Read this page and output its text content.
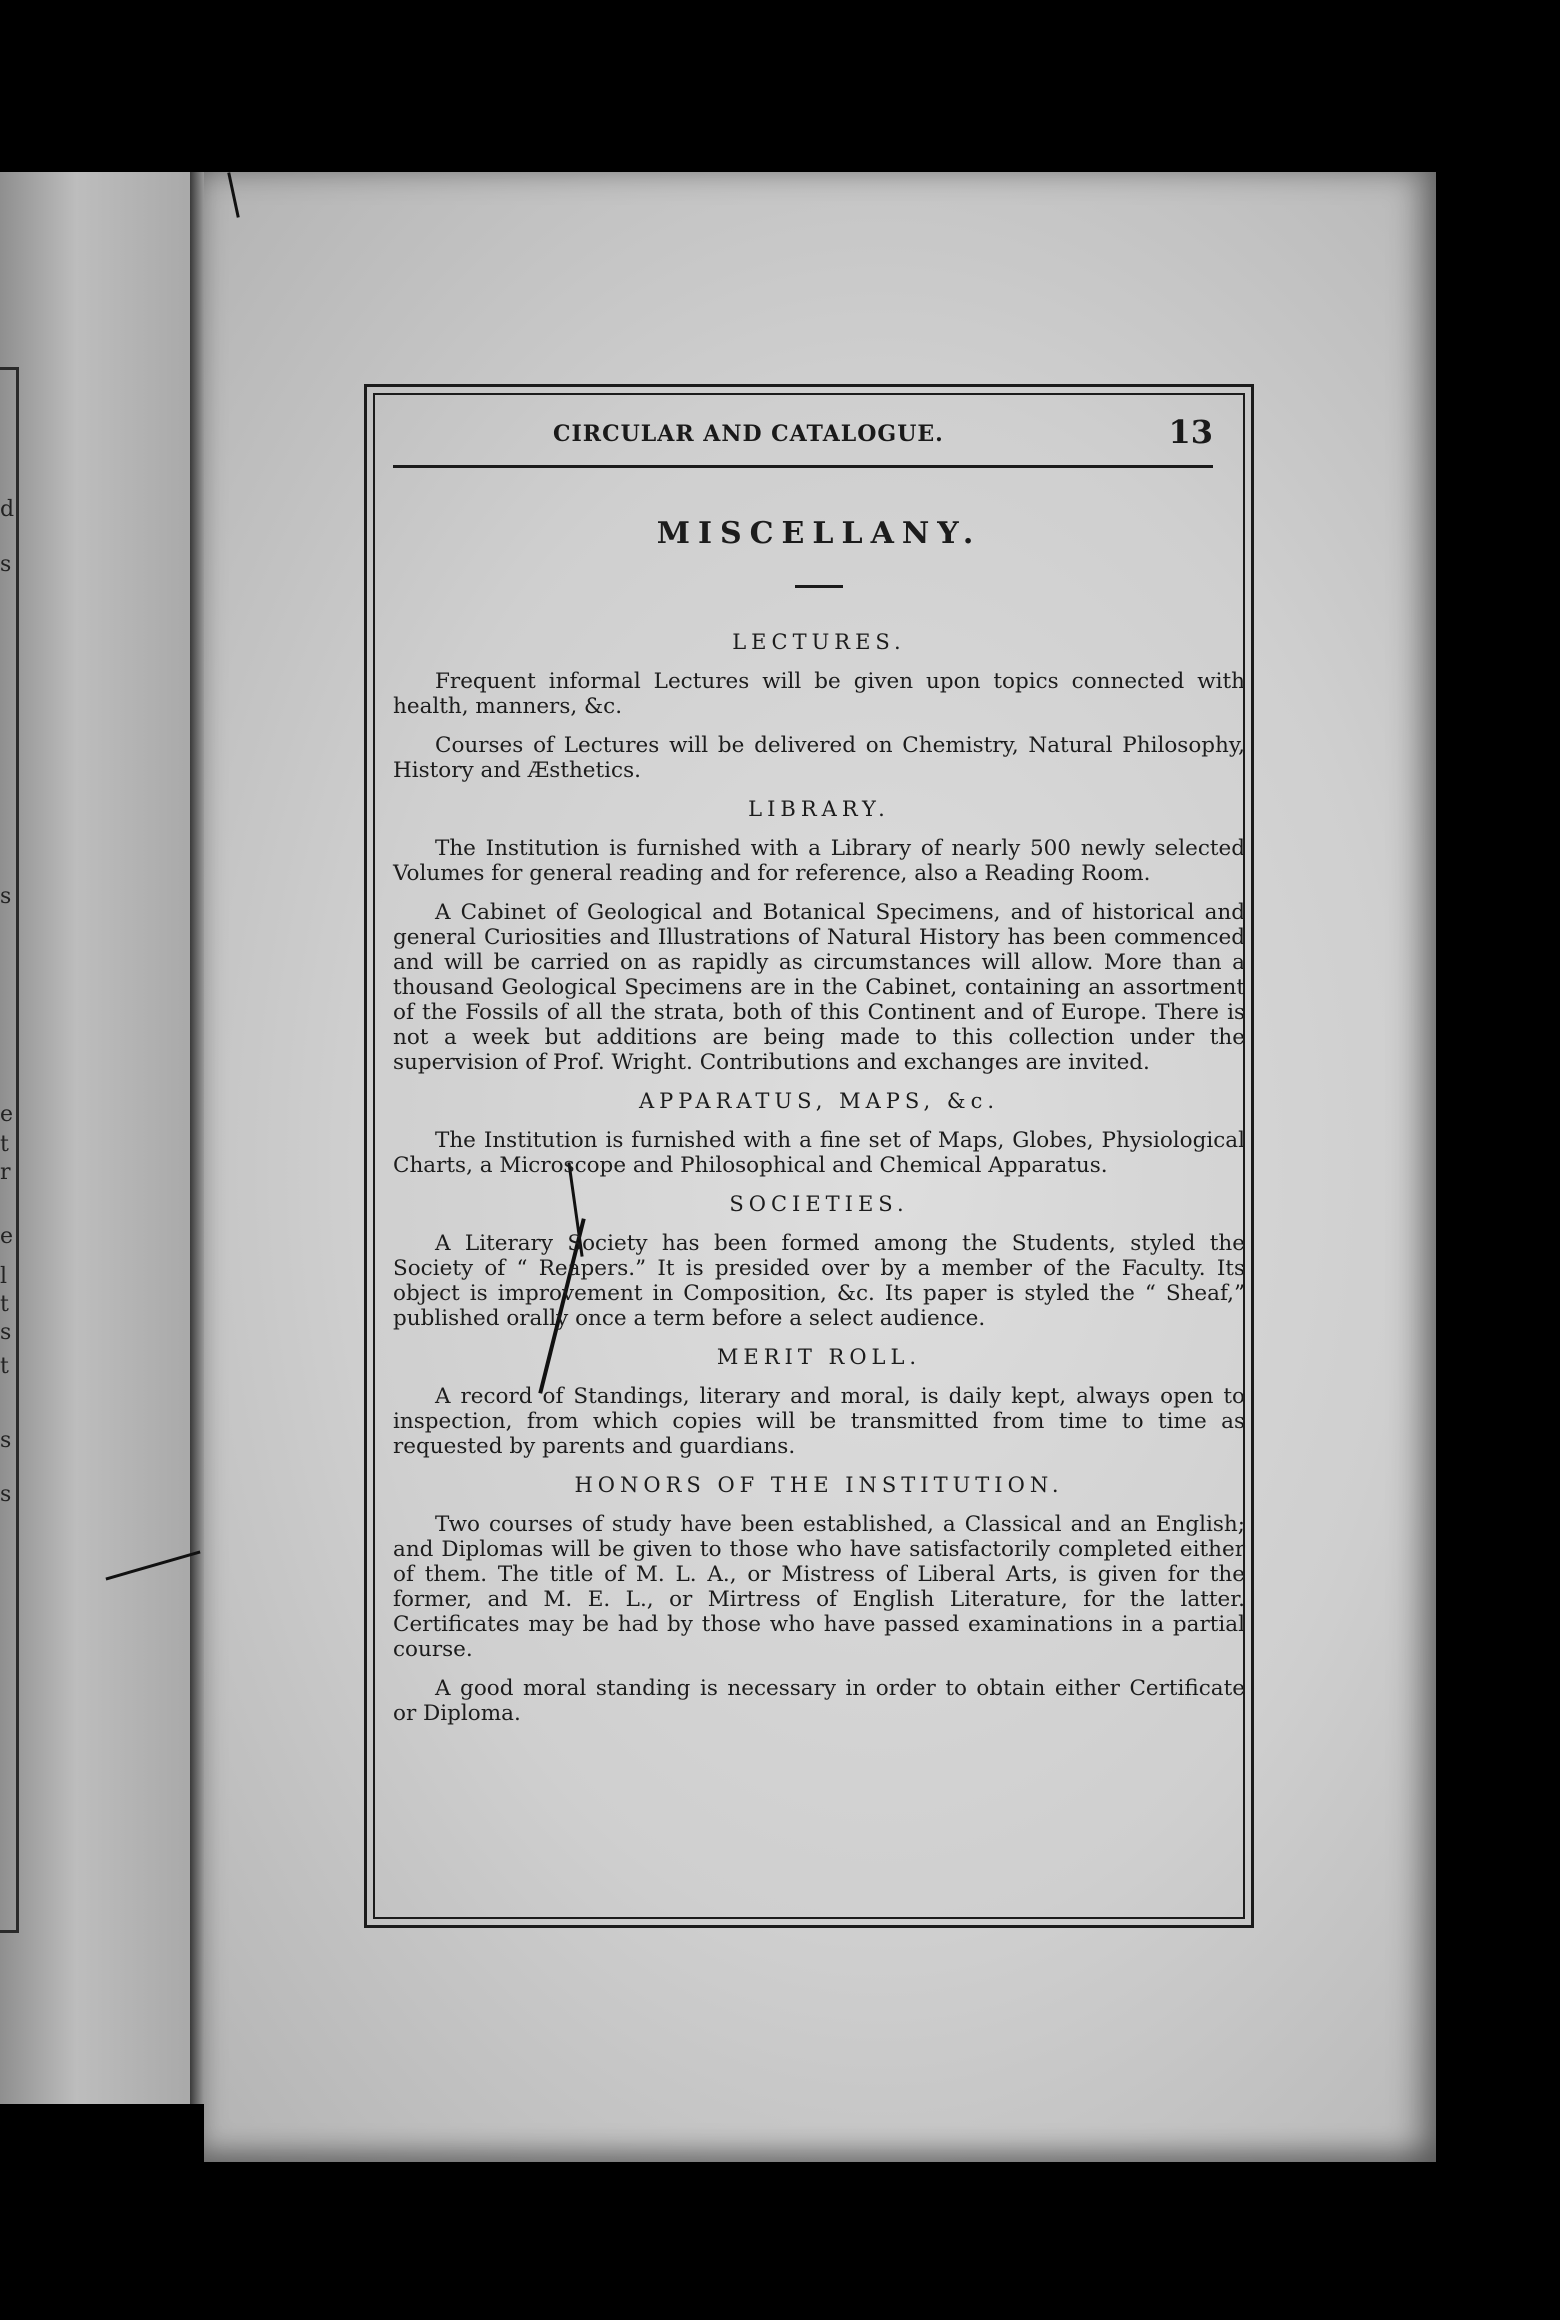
d
s
s
e
t
r
e
l
t
s
t
s
s
CIRCULAR AND CATALOGUE.	13
MISCELLANY.
LECTURES.

Frequent informal Lectures will be given upon topics connected with health, manners, &c.

Courses of Lectures will be delivered on Chemistry, Natural Philosophy, History and Æsthetics.

LIBRARY.

The Institution is furnished with a Library of nearly 500 newly selected Volumes for general reading and for reference, also a Reading Room.

A Cabinet of Geological and Botanical Specimens, and of historical and general Curiosities and Illustrations of Natural History has been commenced and will be carried on as rapidly as circumstances will allow. More than a thousand Geological Specimens are in the Cabinet, containing an assortment of the Fossils of all the strata, both of this Continent and of Europe. There is not a week but additions are being made to this collection under the supervision of Prof. Wright. Contributions and exchanges are invited.

APPARATUS, MAPS, &c.

The Institution is furnished with a fine set of Maps, Globes, Physiological Charts, a Microscope and Philosophical and Chemical Apparatus.

SOCIETIES.

A Literary Society has been formed among the Students, styled the Society of “ Reapers.” It is presided over by a member of the Faculty. Its object is improvement in Composition, &c. Its paper is styled the “ Sheaf,” published orally once a term before a select audience.

MERIT ROLL.

A record of Standings, literary and moral, is daily kept, always open to inspection, from which copies will be transmitted from time to time as requested by parents and guardians.

HONORS OF THE INSTITUTION.

Two courses of study have been established, a Classical and an English; and Diplomas will be given to those who have satisfactorily completed either of them. The title of M. L. A., or Mistress of Liberal Arts, is given for the former, and M. E. L., or Mirtress of English Literature, for the latter. Certificates may be had by those who have passed examinations in a partial course.

A good moral standing is necessary in order to obtain either Certificate or Diploma.
